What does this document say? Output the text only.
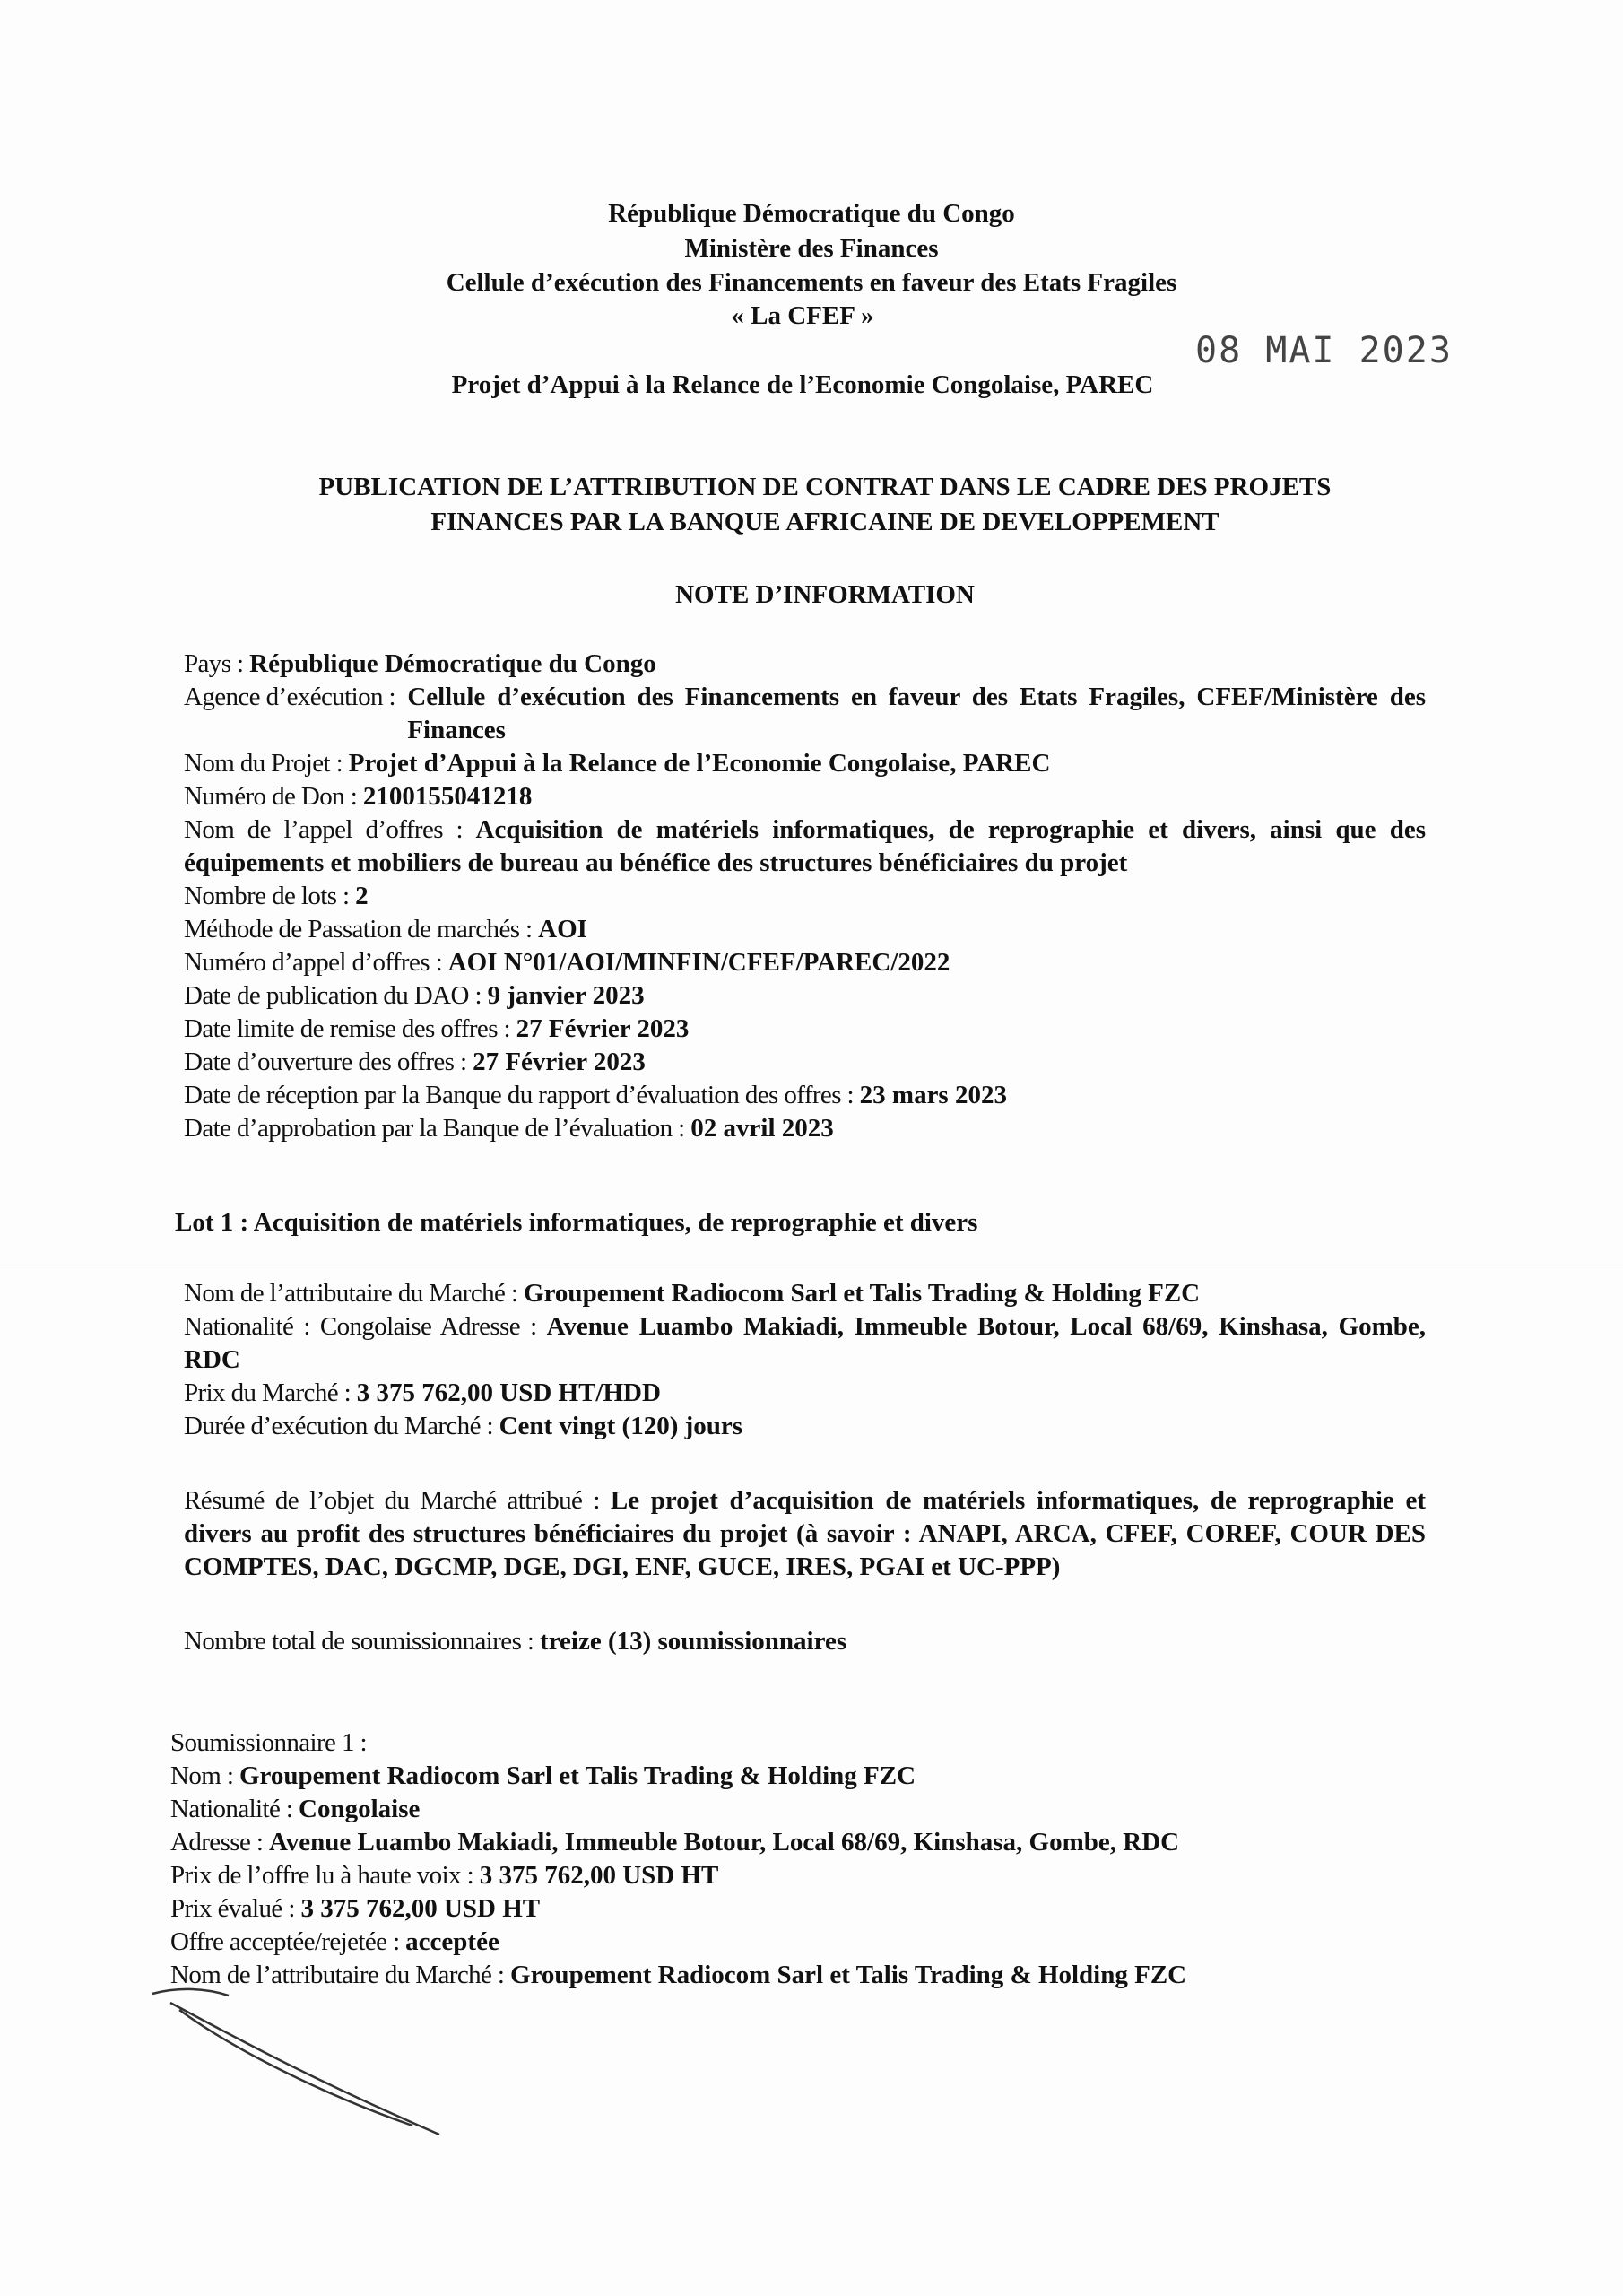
République Démocratique du Congo
Ministère des Finances
Cellule d’exécution des Financements en faveur des Etats Fragiles
« La CFEF »
08 MAI 2023
Projet d’Appui à la Relance de l’Economie Congolaise, PAREC
PUBLICATION DE L’ATTRIBUTION DE CONTRAT DANS LE CADRE DES PROJETS
FINANCES PAR LA BANQUE AFRICAINE DE DEVELOPPEMENT
NOTE D’INFORMATION
Pays : République Démocratique du Congo
Agence d’exécution : Cellule d’exécution des Financements en faveur des Etats Fragiles, CFEF/Ministère des Finances
Nom du Projet : Projet d’Appui à la Relance de l’Economie Congolaise, PAREC
Numéro de Don : 2100155041218
Nom de l’appel d’offres : Acquisition de matériels informatiques, de reprographie et divers, ainsi que des équipements et mobiliers de bureau au bénéfice des structures bénéficiaires du projet
Nombre de lots : 2
Méthode de Passation de marchés : AOI
Numéro d’appel d’offres : AOI N°01/AOI/MINFIN/CFEF/PAREC/2022
Date de publication du DAO : 9 janvier 2023
Date limite de remise des offres : 27 Février 2023
Date d’ouverture des offres : 27 Février 2023
Date de réception par la Banque du rapport d’évaluation des offres : 23 mars 2023
Date d’approbation par la Banque de l’évaluation : 02 avril 2023
Lot 1 : Acquisition de matériels informatiques, de reprographie et divers
Nom de l’attributaire du Marché : Groupement Radiocom Sarl et Talis Trading & Holding FZC
Nationalité : Congolaise Adresse : Avenue Luambo Makiadi, Immeuble Botour, Local 68/69, Kinshasa, Gombe, RDC
Prix du Marché : 3 375 762,00 USD HT/HDD
Durée d’exécution du Marché : Cent vingt (120) jours
Résumé de l’objet du Marché attribué : Le projet d’acquisition de matériels informatiques, de reprographie et divers au profit des structures bénéficiaires du projet (à savoir : ANAPI, ARCA, CFEF, COREF, COUR DES COMPTES, DAC, DGCMP, DGE, DGI, ENF, GUCE, IRES, PGAI et UC-PPP)
Nombre total de soumissionnaires : treize (13) soumissionnaires
Soumissionnaire 1 :
Nom : Groupement Radiocom Sarl et Talis Trading & Holding FZC
Nationalité : Congolaise
Adresse : Avenue Luambo Makiadi, Immeuble Botour, Local 68/69, Kinshasa, Gombe, RDC
Prix de l’offre lu à haute voix : 3 375 762,00 USD HT
Prix évalué : 3 375 762,00 USD HT
Offre acceptée/rejetée : acceptée
Nom de l’attributaire du Marché : Groupement Radiocom Sarl et Talis Trading & Holding FZC
